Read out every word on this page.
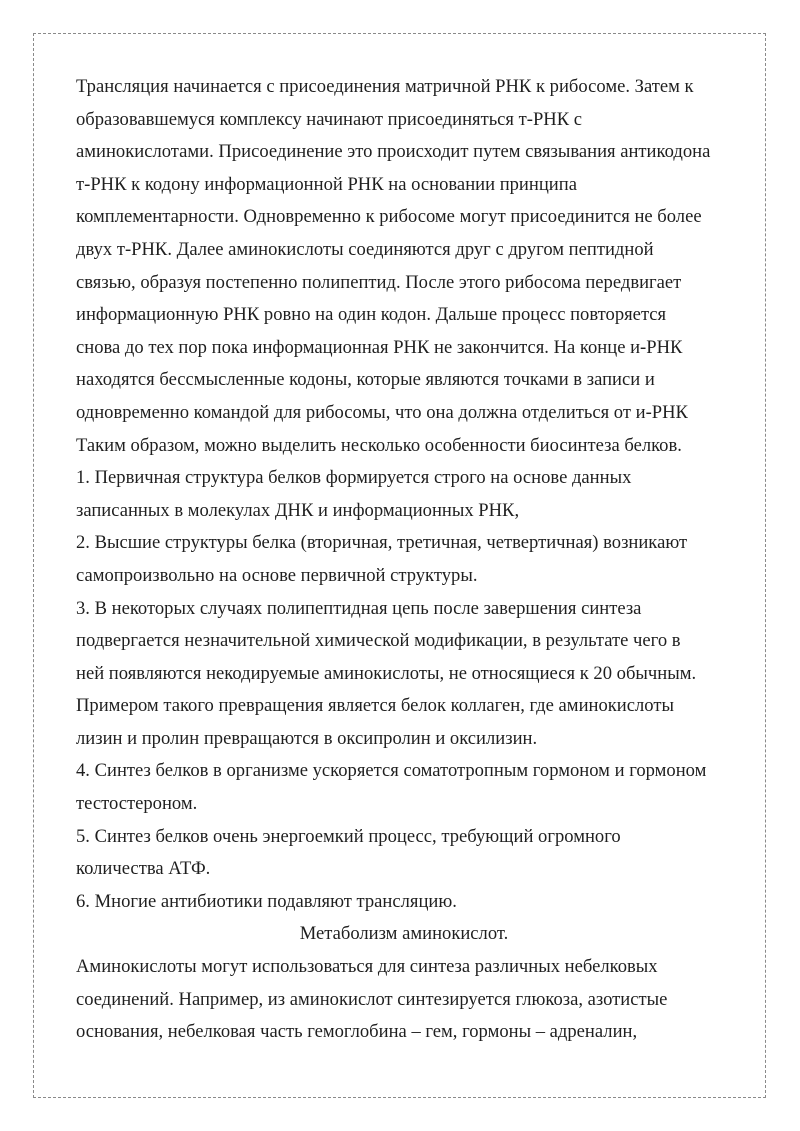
Трансляция начинается с присоединения матричной РНК к рибосоме. Затем к
образовавшемуся комплексу начинают присоединяться т-РНК с
аминокислотами. Присоединение это происходит путем связывания антикодона
т-РНК к кодону информационной РНК на основании принципа
комплементарности. Одновременно к рибосоме могут присоединится не более
двух т-РНК. Далее аминокислоты соединяются друг с другом пептидной
связью, образуя постепенно полипептид. После этого рибосома передвигает
информационную РНК ровно на один кодон. Дальше процесс повторяется
снова до тех пор пока информационная РНК не закончится. На конце и-РНК
находятся бессмысленные кодоны, которые являются точками в записи и
одновременно командой для рибосомы, что она должна отделиться от и-РНК
Таким образом, можно выделить несколько особенности биосинтеза белков.
1. Первичная структура белков формируется строго на основе данных
записанных в молекулах ДНК и информационных РНК,
2. Высшие структуры белка (вторичная, третичная, четвертичная) возникают
самопроизвольно на основе первичной структуры.
3. В некоторых случаях полипептидная цепь после завершения синтеза
подвергается незначительной химической модификации, в результате чего в
ней появляются некодируемые аминокислоты, не относящиеся к 20 обычным.
Примером такого превращения является белок коллаген, где аминокислоты
лизин и пролин превращаются в оксипролин и оксилизин.
4. Синтез белков в организме ускоряется соматотропным гормоном и гормоном
тестостероном.
5. Синтез белков очень энергоемкий процесс, требующий огромного
количества АТФ.
6. Многие антибиотики подавляют трансляцию.
Метаболизм аминокислот.
Аминокислоты могут использоваться для синтеза различных небелковых
соединений. Например, из аминокислот синтезируется глюкоза, азотистые
основания, небелковая часть гемоглобина – гем, гормоны – адреналин,
